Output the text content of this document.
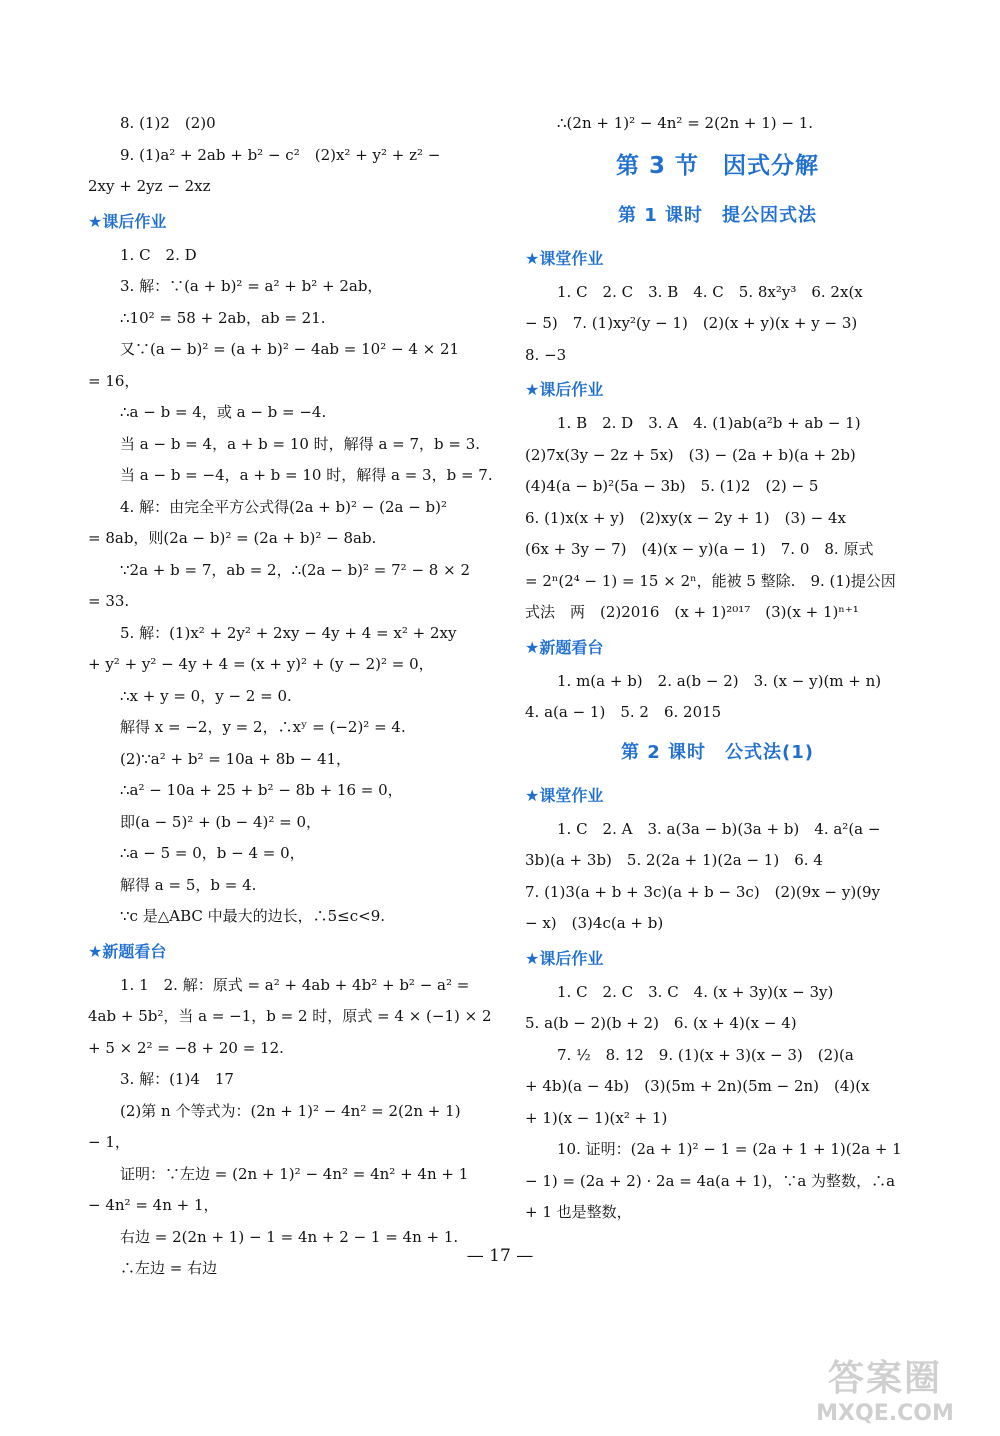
8. (1)2　(2)0
9. (1)a² + 2ab + b² − c²　(2)x² + y² + z² −
2xy + 2yz − 2xz
★课后作业
1. C　2. D
3. 解：∵(a + b)² = a² + b² + 2ab，
∴10² = 58 + 2ab，ab = 21.
又∵(a − b)² = (a + b)² − 4ab = 10² − 4 × 21
= 16，
∴a − b = 4，或 a − b = −4.
当 a − b = 4，a + b = 10 时，解得 a = 7，b = 3.
当 a − b = −4，a + b = 10 时，解得 a = 3，b = 7.
4. 解：由完全平方公式得(2a + b)² − (2a − b)²
= 8ab，则(2a − b)² = (2a + b)² − 8ab.
∵2a + b = 7，ab = 2，∴(2a − b)² = 7² − 8 × 2
= 33.
5. 解：(1)x² + 2y² + 2xy − 4y + 4 = x² + 2xy
+ y² + y² − 4y + 4 = (x + y)² + (y − 2)² = 0，
∴x + y = 0，y − 2 = 0.
解得 x = −2，y = 2，∴xʸ = (−2)² = 4.
(2)∵a² + b² = 10a + 8b − 41，
∴a² − 10a + 25 + b² − 8b + 16 = 0，
即(a − 5)² + (b − 4)² = 0，
∴a − 5 = 0，b − 4 = 0，
解得 a = 5，b = 4.
∵c 是△ABC 中最大的边长，∴5≤c<9.
★新题看台
1. 1　2. 解：原式 = a² + 4ab + 4b² + b² − a² =
4ab + 5b²，当 a = −1，b = 2 时，原式 = 4 × (−1) × 2
+ 5 × 2² = −8 + 20 = 12.
3. 解：(1)4　17
(2)第 n 个等式为：(2n + 1)² − 4n² = 2(2n + 1)
− 1，
证明：∵左边 = (2n + 1)² − 4n² = 4n² + 4n + 1
− 4n² = 4n + 1，
右边 = 2(2n + 1) − 1 = 4n + 2 − 1 = 4n + 1.
∴左边 = 右边
∴(2n + 1)² − 4n² = 2(2n + 1) − 1.
第 3 节　因式分解
第 1 课时　提公因式法
★课堂作业
1. C　2. C　3. B　4. C　5. 8x²y³　6. 2x(x
− 5)　7. (1)xy²(y − 1)　(2)(x + y)(x + y − 3)
8. −3
★课后作业
1. B　2. D　3. A　4. (1)ab(a²b + ab − 1)
(2)7x(3y − 2z + 5x)　(3) − (2a + b)(a + 2b)
(4)4(a − b)²(5a − 3b)　5. (1)2　(2) − 5
6. (1)x(x + y)　(2)xy(x − 2y + 1)　(3) − 4x
(6x + 3y − 7)　(4)(x − y)(a − 1)　7. 0　8. 原式
= 2ⁿ(2⁴ − 1) = 15 × 2ⁿ，能被 5 整除.　9. (1)提公因
式法　两　(2)2016　(x + 1)²⁰¹⁷　(3)(x + 1)ⁿ⁺¹
★新题看台
1. m(a + b)　2. a(b − 2)　3. (x − y)(m + n)
4. a(a − 1)　5. 2　6. 2015
第 2 课时　公式法(1)
★课堂作业
1. C　2. A　3. a(3a − b)(3a + b)　4. a²(a −
3b)(a + 3b)　5. 2(2a + 1)(2a − 1)　6. 4
7. (1)3(a + b + 3c)(a + b − 3c)　(2)(9x − y)(9y
− x)　(3)4c(a + b)
★课后作业
1. C　2. C　3. C　4. (x + 3y)(x − 3y)
5. a(b − 2)(b + 2)　6. (x + 4)(x − 4)
7. ½　8. 12　9. (1)(x + 3)(x − 3)　(2)(a
+ 4b)(a − 4b)　(3)(5m + 2n)(5m − 2n)　(4)(x
+ 1)(x − 1)(x² + 1)
10. 证明：(2a + 1)² − 1 = (2a + 1 + 1)(2a + 1
− 1) = (2a + 2) · 2a = 4a(a + 1)，∵a 为整数，∴a
+ 1 也是整数，
— 17 —
答案圈
MXQE.COM
